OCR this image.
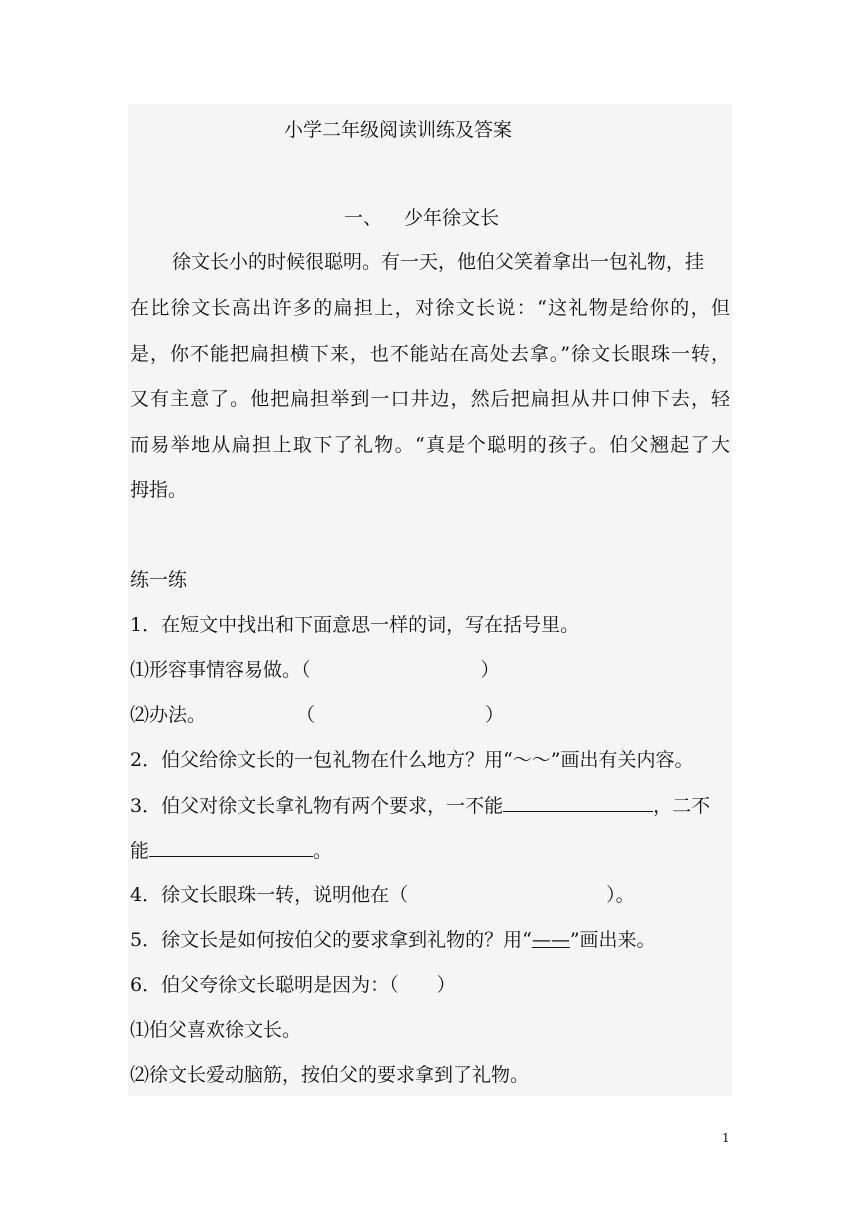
小学二年级阅读训练及答案
一、 少年徐文长
徐文长小的时候很聪明。有一天，他伯父笑着拿出一包礼物，挂
在比徐文长高出许多的扁担上，对徐文长说：“这礼物是给你的，但
是，你不能把扁担横下来，也不能站在高处去拿。”徐文长眼珠一转，
又有主意了。他把扁担举到一口井边，然后把扁担从井口伸下去，轻
而易举地从扁担上取下了礼物。“真是个聪明的孩子。伯父翘起了大
拇指。
练一练
1．在短文中找出和下面意思一样的词，写在括号里。
⑴形容事情容易做。（	）
⑵办法。	（	）
2．伯父给徐文长的一包礼物在什么地方？用“～～”画出有关内容。
3．伯父对徐文长拿礼物有两个要求，一不能	，二不
能	。
4．徐文长眼珠一转，说明他在（	）。
5．徐文长是如何按伯父的要求拿到礼物的？用“——”画出来。
6．伯父夸徐文长聪明是因为：（　　）
⑴伯父喜欢徐文长。
⑵徐文长爱动脑筋，按伯父的要求拿到了礼物。
1
